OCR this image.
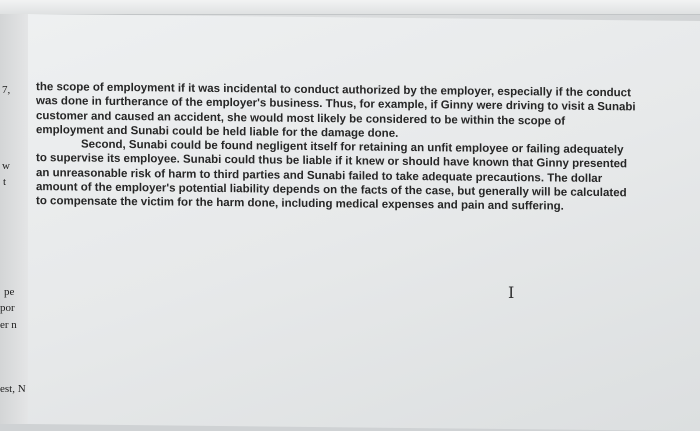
7,
w
t
pe
por
er n
est, N

the scope of employment if it was incidental to conduct authorized by the employer, especially if the conduct was done in furtherance of the employer's business. Thus, for example, if Ginny were driving to visit a Sunabi customer and caused an accident, she would most likely be considered to be within the scope of employment and Sunabi could be held liable for the damage done.

Second, Sunabi could be found negligent itself for retaining an unfit employee or failing adequately to supervise its employee. Sunabi could thus be liable if it knew or should have known that Ginny presented an unreasonable risk of harm to third parties and Sunabi failed to take adequate precautions. The dollar amount of the employer's potential liability depends on the facts of the case, but generally will be calculated to compensate the victim for the harm done, including medical expenses and pain and suffering.

I
